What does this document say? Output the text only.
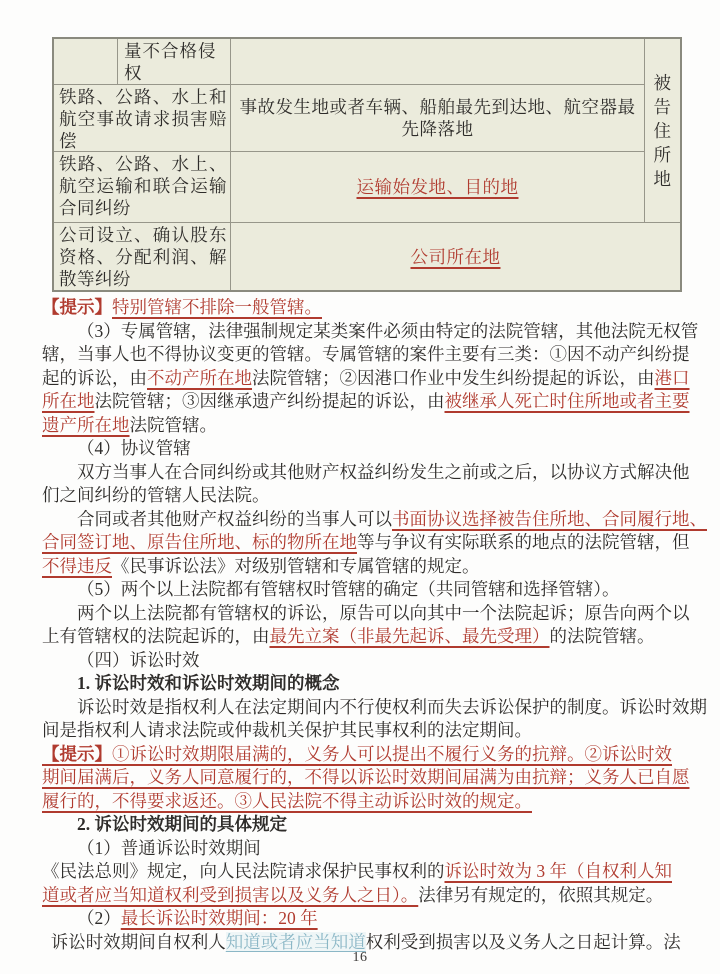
量不合格侵权
铁路、公路、水上和航空事故请求损害赔偿
事故发生地或者车辆、船舶最先到达地、航空器最先降落地
铁路、公路、水上、航空运输和联合运输合同纠纷
运输始发地、目的地
被
告
住
所
地
公司设立、确认股东资格、分配利润、解散等纠纷
公司所在地
【提示】特别管辖不排除一般管辖。
（3）专属管辖，法律强制规定某类案件必须由特定的法院管辖，其他法院无权管
辖，当事人也不得协议变更的管辖。专属管辖的案件主要有三类：①因不动产纠纷提
起的诉讼，由不动产所在地法院管辖；②因港口作业中发生纠纷提起的诉讼，由港口
所在地法院管辖；③因继承遗产纠纷提起的诉讼，由被继承人死亡时住所地或者主要
遗产所在地法院管辖。
（4）协议管辖
双方当事人在合同纠纷或其他财产权益纠纷发生之前或之后，以协议方式解决他
们之间纠纷的管辖人民法院。
合同或者其他财产权益纠纷的当事人可以书面协议选择被告住所地、合同履行地、
合同签订地、原告住所地、标的物所在地等与争议有实际联系的地点的法院管辖，但
不得违反《民事诉讼法》对级别管辖和专属管辖的规定。
（5）两个以上法院都有管辖权时管辖的确定（共同管辖和选择管辖）。
两个以上法院都有管辖权的诉讼，原告可以向其中一个法院起诉；原告向两个以
上有管辖权的法院起诉的，由最先立案（非最先起诉、最先受理）的法院管辖。
（四）诉讼时效
1. 诉讼时效和诉讼时效期间的概念
诉讼时效是指权利人在法定期间内不行使权利而失去诉讼保护的制度。诉讼时效期
间是指权利人请求法院或仲裁机关保护其民事权利的法定期间。
【提示】①诉讼时效期限届满的，义务人可以提出不履行义务的抗辩。②诉讼时效
期间届满后，义务人同意履行的，不得以诉讼时效期间届满为由抗辩；义务人已自愿
履行的，不得要求返还。③人民法院不得主动诉讼时效的规定。
2. 诉讼时效期间的具体规定
（1）普通诉讼时效期间
《民法总则》规定，向人民法院请求保护民事权利的诉讼时效为 3 年（自权利人知
道或者应当知道权利受到损害以及义务人之日）。法律另有规定的，依照其规定。
（2）最长诉讼时效期间：20 年
诉讼时效期间自权利人知道或者应当知道权利受到损害以及义务人之日起计算。法
16
